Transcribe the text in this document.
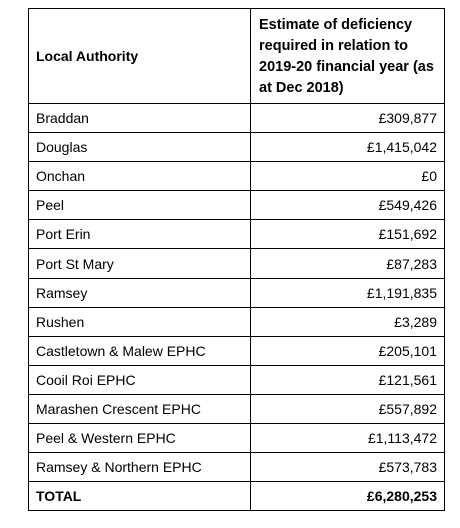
Local Authority	Estimate of deficiency required in relation to 2019-20 financial year (as at Dec 2018)
Braddan	£309,877
Douglas	£1,415,042
Onchan	£0
Peel	£549,426
Port Erin	£151,692
Port St Mary	£87,283
Ramsey	£1,191,835
Rushen	£3,289
Castletown & Malew EPHC	£205,101
Cooil Roi EPHC	£121,561
Marashen Crescent EPHC	£557,892
Peel & Western EPHC	£1,113,472
Ramsey & Northern EPHC	£573,783
TOTAL	£6,280,253
